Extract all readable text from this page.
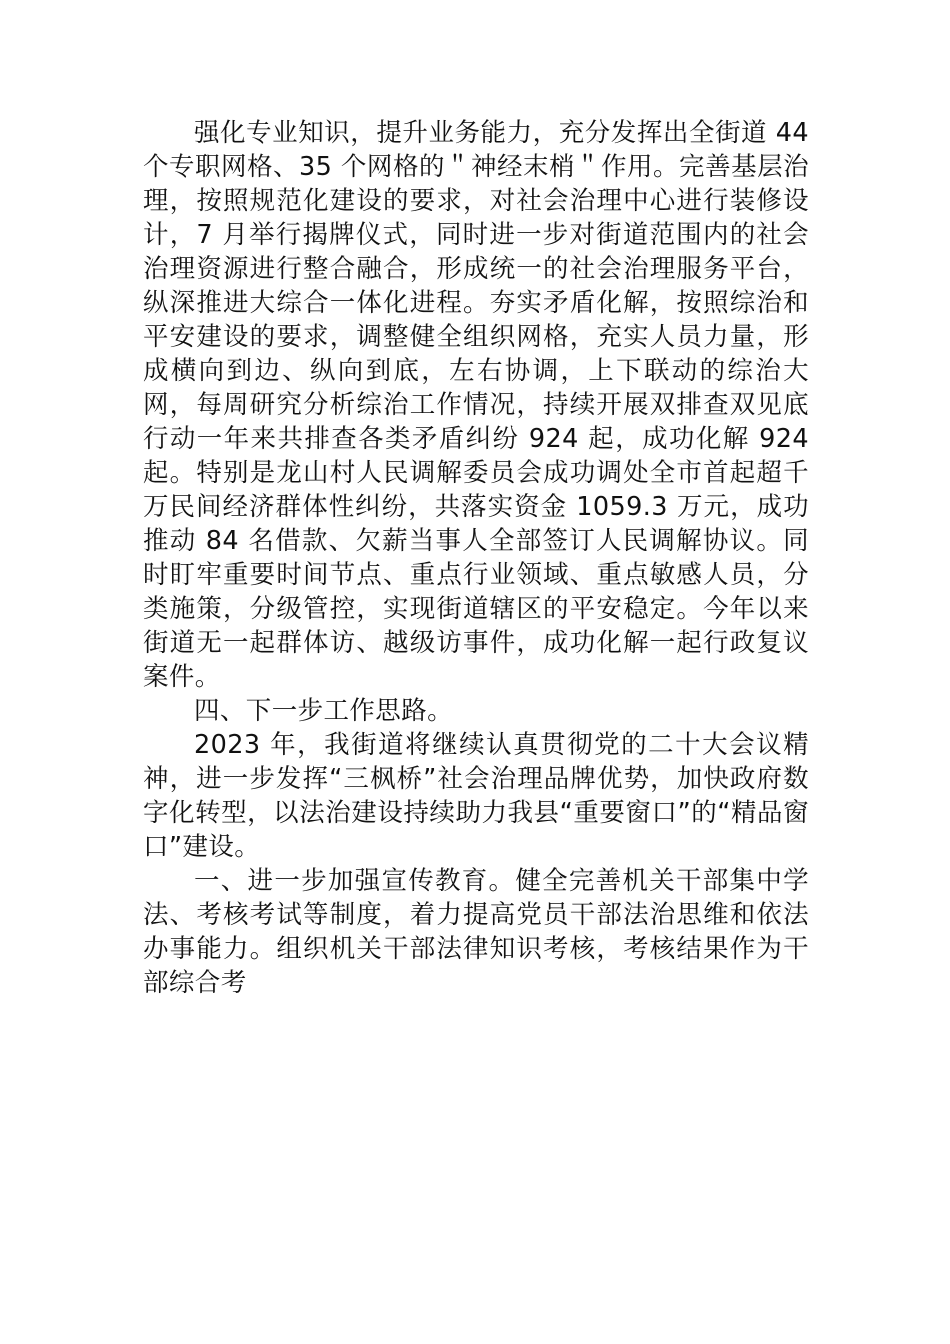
强化专业知识，提升业务能力，充分发挥出全街道 44 个专职网格、35 个网格的＂神经末梢＂作用。完善基层治理，按照规范化建设的要求，对社会治理中心进行装修设计，7 月举行揭牌仪式，同时进一步对街道范围内的社会治理资源进行整合融合，形成统一的社会治理服务平台，纵深推进大综合一体化进程。夯实矛盾化解，按照综治和平安建设的要求，调整健全组织网格，充实人员力量，形成横向到边、纵向到底，左右协调，上下联动的综治大网，每周研究分析综治工作情况，持续开展双排查双见底行动一年来共排查各类矛盾纠纷 924 起，成功化解 924 起。特别是龙山村人民调解委员会成功调处全市首起超千万民间经济群体性纠纷，共落实资金 1059.3 万元，成功推动 84 名借款、欠薪当事人全部签订人民调解协议。同时盯牢重要时间节点、重点行业领域、重点敏感人员，分类施策，分级管控，实现街道辖区的平安稳定。今年以来街道无一起群体访、越级访事件，成功化解一起行政复议案件。

四、下一步工作思路。

2023 年，我街道将继续认真贯彻党的二十大会议精神，进一步发挥“三枫桥”社会治理品牌优势，加快政府数字化转型，以法治建设持续助力我县“重要窗口”的“精品窗口”建设。

一、进一步加强宣传教育。健全完善机关干部集中学法、考核考试等制度，着力提高党员干部法治思维和依法办事能力。组织机关干部法律知识考核，考核结果作为干部综合考
